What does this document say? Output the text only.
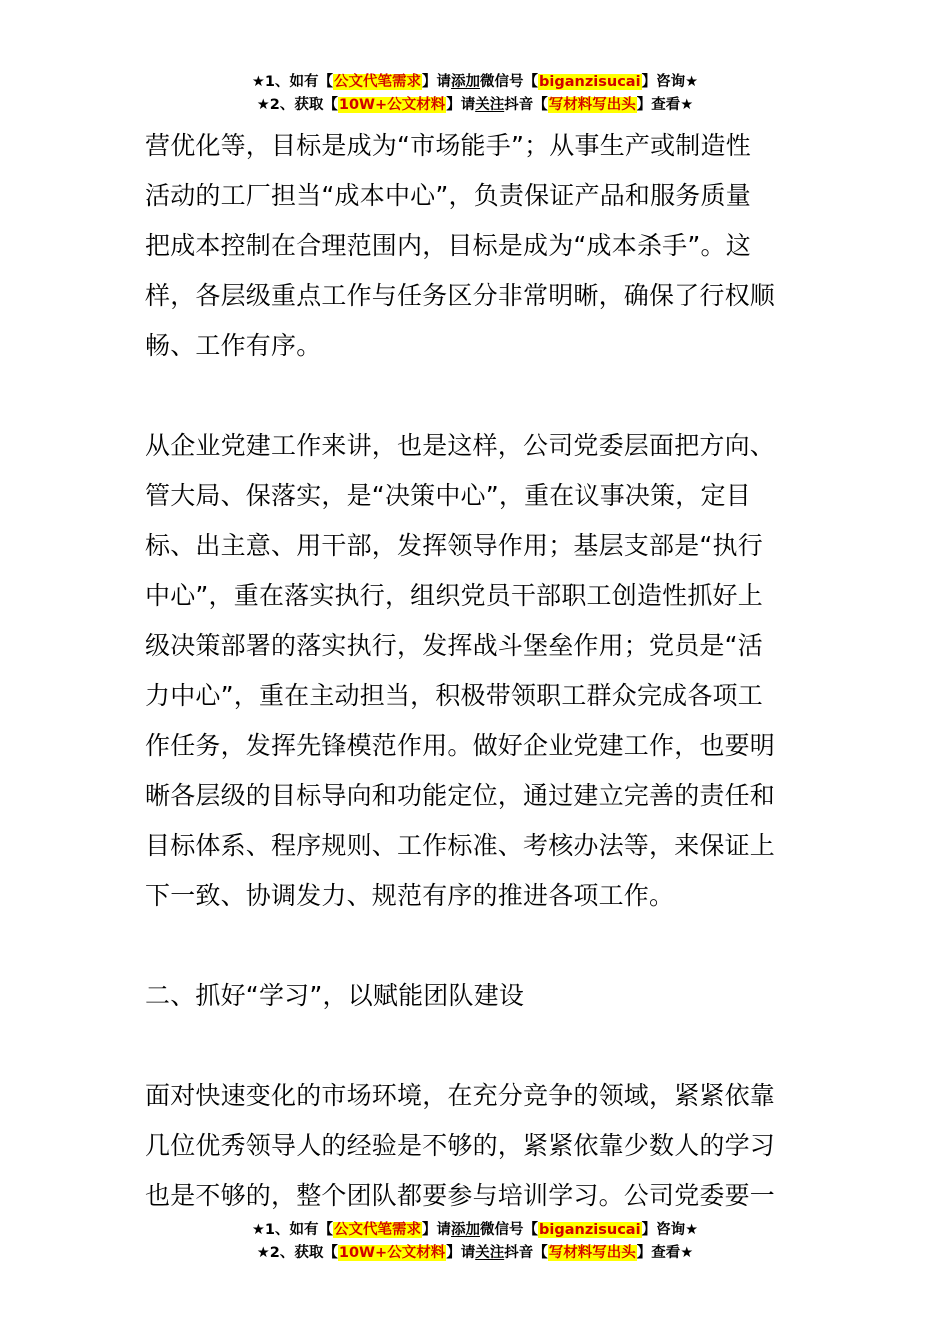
★1、如有【公文代笔需求】请添加微信号【biganzisucai】咨询★
★2、获取【10W+公文材料】请关注抖音【写材料写出头】查看★
营优化等，目标是成为“市场能手”；从事生产或制造性
活动的工厂担当“成本中心”，负责保证产品和服务质量
把成本控制在合理范围内，目标是成为“成本杀手”。这
样，各层级重点工作与任务区分非常明晰，确保了行权顺
畅、工作有序。
从企业党建工作来讲，也是这样，公司党委层面把方向、
管大局、保落实，是“决策中心”，重在议事决策，定目
标、出主意、用干部，发挥领导作用；基层支部是“执行
中心”，重在落实执行，组织党员干部职工创造性抓好上
级决策部署的落实执行，发挥战斗堡垒作用；党员是“活
力中心”，重在主动担当，积极带领职工群众完成各项工
作任务，发挥先锋模范作用。做好企业党建工作，也要明
晰各层级的目标导向和功能定位，通过建立完善的责任和
目标体系、程序规则、工作标准、考核办法等，来保证上
下一致、协调发力、规范有序的推进各项工作。
二、抓好“学习”，以赋能团队建设
面对快速变化的市场环境，在充分竞争的领域，紧紧依靠
几位优秀领导人的经验是不够的，紧紧依靠少数人的学习
也是不够的，整个团队都要参与培训学习。公司党委要一
★1、如有【公文代笔需求】请添加微信号【biganzisucai】咨询★
★2、获取【10W+公文材料】请关注抖音【写材料写出头】查看★
